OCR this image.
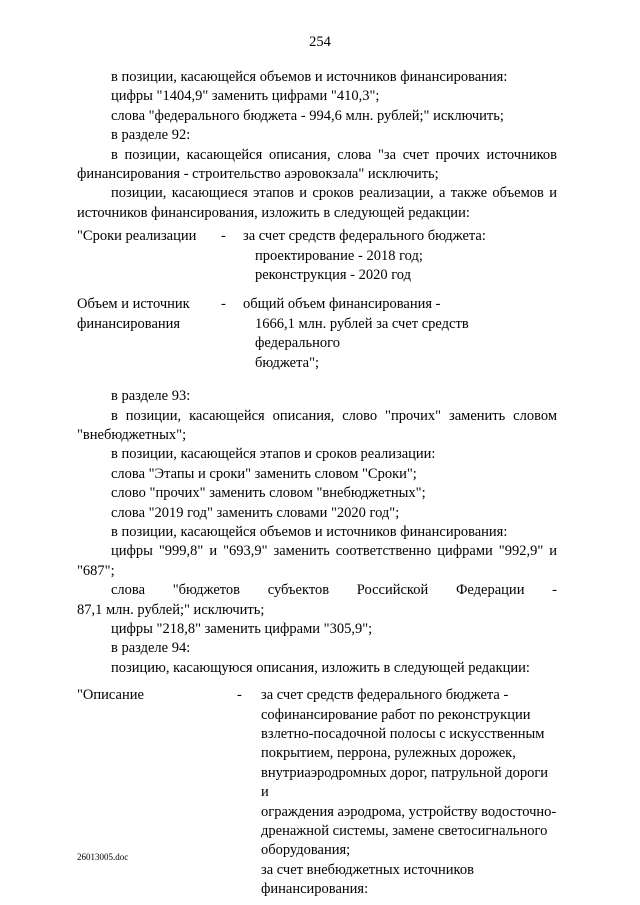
254
в позиции, касающейся объемов и источников финансирования:
цифры "1404,9" заменить цифрами "410,3";
слова "федерального бюджета - 994,6 млн. рублей;" исключить;
в разделе 92:
в позиции, касающейся описания, слова "за счет прочих источников
финансирования - строительство аэровокзала" исключить;
позиции, касающиеся этапов и сроков реализации, а также объемов и
источников финансирования, изложить в следующей редакции:
"Сроки реализации	-	за счет средств федерального бюджета:
проектирование - 2018 год;
реконструкция - 2020 год
Объем и источник
финансирования
-	общий объем финансирования -
1666,1 млн. рублей за счет средств федерального
бюджета";
в разделе 93:
в позиции, касающейся описания, слово "прочих" заменить словом
"внебюджетных";
в позиции, касающейся этапов и сроков реализации:
слова "Этапы и сроки" заменить словом "Сроки";
слово "прочих" заменить словом "внебюджетных";
слова "2019 год" заменить словами "2020 год";
в позиции, касающейся объемов и источников финансирования:
цифры "999,8" и "693,9" заменить соответственно цифрами "992,9" и
"687";
слова "бюджетов субъектов Российской Федерации -
87,1 млн. рублей;" исключить;
цифры "218,8" заменить цифрами "305,9";
в разделе 94:
позицию, касающуюся описания, изложить в следующей редакции:
"Описание	-	за счет средств федерального бюджета -
софинансирование работ по реконструкции
взлетно-посадочной полосы с искусственным
покрытием, перрона, рулежных дорожек,
внутриаэродромных дорог, патрульной дороги и
ограждения аэродрома, устройству водосточно-
дренажной системы, замене светосигнального
оборудования;
за счет внебюджетных источников
финансирования:
26013005.doc
